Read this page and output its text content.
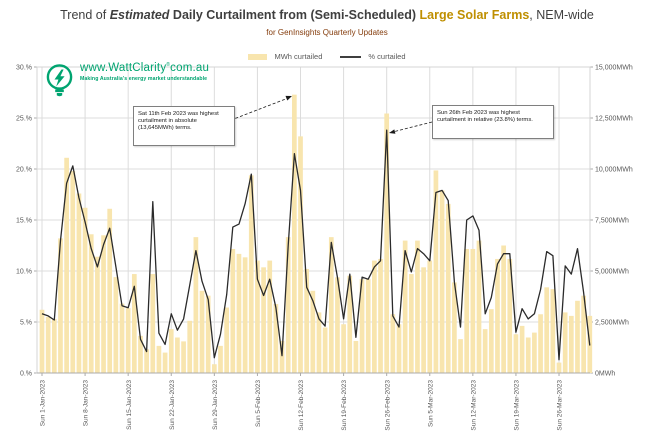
Trend of Estimated Daily Curtailment from (Semi-Scheduled) Large Solar Farms, NEM-wide
for GenInsights Quarterly Updates
MWh curtailed	% curtailed
0.%	0MWh
5.%	2,500MWh
10.%	5,000MWh
15.%	7,500MWh
20.%	10,000MWh
25.%	12,500MWh
30.%	15,000MWh
Sun 1-Jan-2023	Sun 8-Jan-2023	Sun 15-Jan-2023	Sun 22-Jan-2023	Sun 29-Jan-2023	Sun 5-Feb-2023	Sun 12-Feb-2023	Sun 19-Feb-2023	Sun 26-Feb-2023	Sun 5-Mar-2023	Sun 12-Mar-2023	Sun 19-Mar-2023	Sun 26-Mar-2023
www.WattClarity®com.au
Making Australia's energy market understandable
Sat 11th Feb 2023 was highest curtailment in absolute (13,645MWh) terms.
Sun 26th Feb 2023 was highest curtailment in relative (23.8%) terms.
